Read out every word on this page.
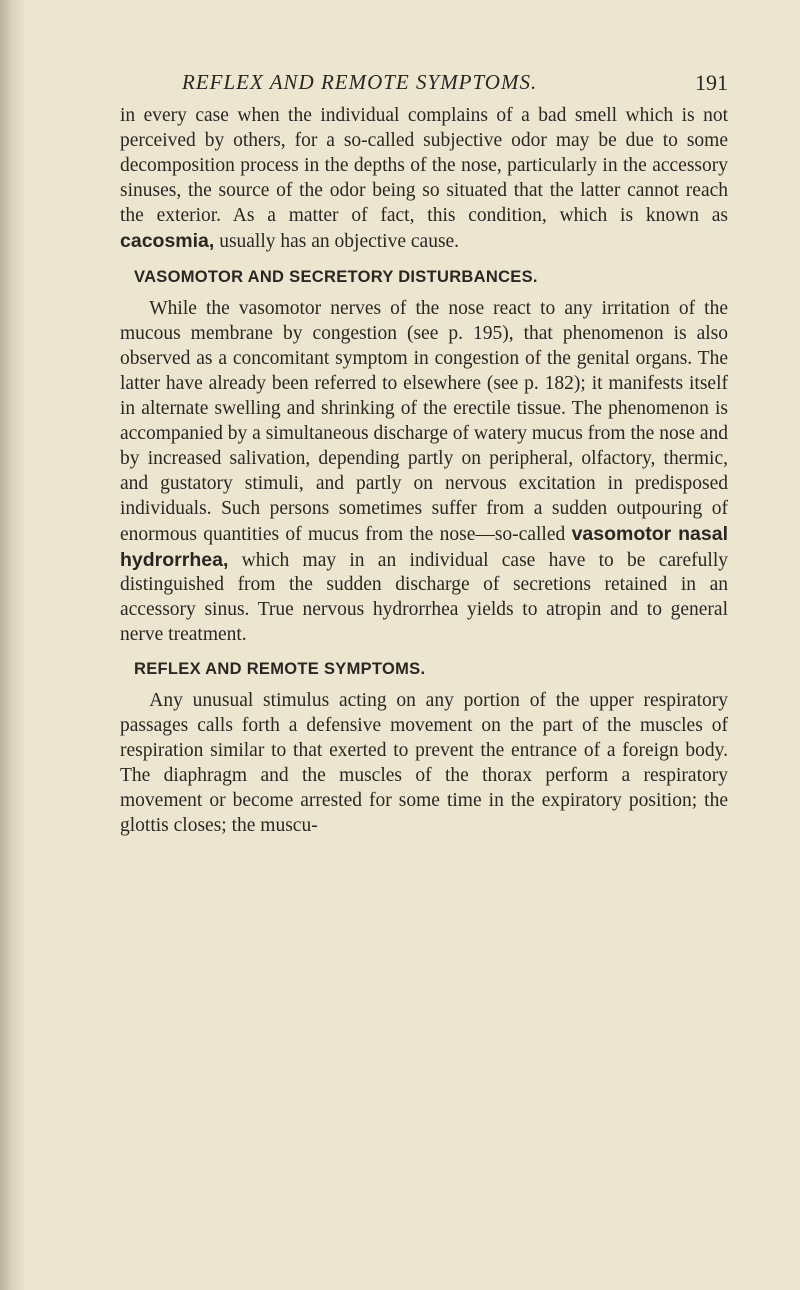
REFLEX AND REMOTE SYMPTOMS.	191

in every case when the individual complains of a bad smell which is not perceived by others, for a so-called subjective odor may be due to some decomposition process in the depths of the nose, particularly in the accessory sinuses, the source of the odor being so situated that the latter cannot reach the exterior. As a matter of fact, this condition, which is known as cacosmia, usually has an objective cause.

VASOMOTOR AND SECRETORY DISTURBANCES.

While the vasomotor nerves of the nose react to any irritation of the mucous membrane by congestion (see p. 195), that phenomenon is also observed as a concomitant symptom in congestion of the genital organs. The latter have already been referred to elsewhere (see p. 182); it manifests itself in alternate swelling and shrinking of the erectile tissue. The phenomenon is accompanied by a simultaneous discharge of watery mucus from the nose and by increased salivation, depending partly on peripheral, olfactory, thermic, and gustatory stimuli, and partly on nervous excitation in predisposed individuals. Such persons sometimes suffer from a sudden outpouring of enormous quantities of mucus from the nose—so-called vasomotor nasal hydrorrhea, which may in an individual case have to be carefully distinguished from the sudden discharge of secretions retained in an accessory sinus. True nervous hydrorrhea yields to atropin and to general nerve treatment.

REFLEX AND REMOTE SYMPTOMS.

Any unusual stimulus acting on any portion of the upper respiratory passages calls forth a defensive movement on the part of the muscles of respiration similar to that exerted to prevent the entrance of a foreign body. The diaphragm and the muscles of the thorax perform a respiratory movement or become arrested for some time in the expiratory position; the glottis closes; the muscu-
